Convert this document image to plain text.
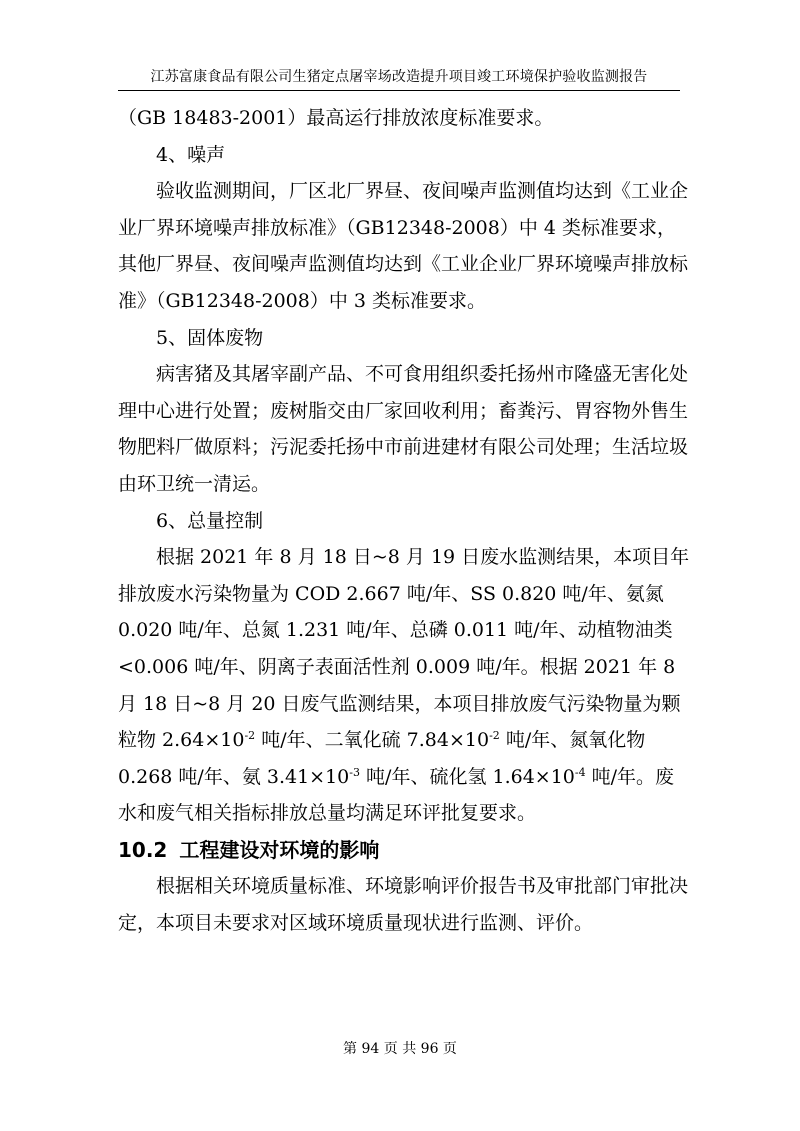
江苏富康食品有限公司生猪定点屠宰场改造提升项目竣工环境保护验收监测报告

（GB 18483-2001）最高运行排放浓度标准要求。

4、噪声

验收监测期间，厂区北厂界昼、夜间噪声监测值均达到《工业企业厂界环境噪声排放标准》（GB12348-2008）中 4 类标准要求，其他厂界昼、夜间噪声监测值均达到《工业企业厂界环境噪声排放标准》（GB12348-2008）中 3 类标准要求。

5、固体废物

病害猪及其屠宰副产品、不可食用组织委托扬州市隆盛无害化处理中心进行处置；废树脂交由厂家回收利用；畜粪污、胃容物外售生物肥料厂做原料；污泥委托扬中市前进建材有限公司处理；生活垃圾由环卫统一清运。

6、总量控制

根据 2021 年 8 月 18 日~8 月 19 日废水监测结果，本项目年排放废水污染物量为 COD 2.667 吨/年、SS 0.820 吨/年、氨氮 0.020 吨/年、总氮 1.231 吨/年、总磷 0.011 吨/年、动植物油类<0.006 吨/年、阴离子表面活性剂 0.009 吨/年。根据 2021 年 8 月 18 日~8 月 20 日废气监测结果，本项目排放废气污染物量为颗粒物 $2.64\times 10^{-2}$ 吨/年、二氧化硫 $7.84\times 10^{-2}$ 吨/年、氮氧化物 0.268 吨/年、氨 $3.41\times 10^{-3}$ 吨/年、硫化氢 $1.64\times 10^{-4}$ 吨/年。废水和废气相关指标排放总量均满足环评批复要求。

10.2 工程建设对环境的影响

根据相关环境质量标准、环境影响评价报告书及审批部门审批决定，本项目未要求对区域环境质量现状进行监测、评价。

第 94 页 共 96 页
